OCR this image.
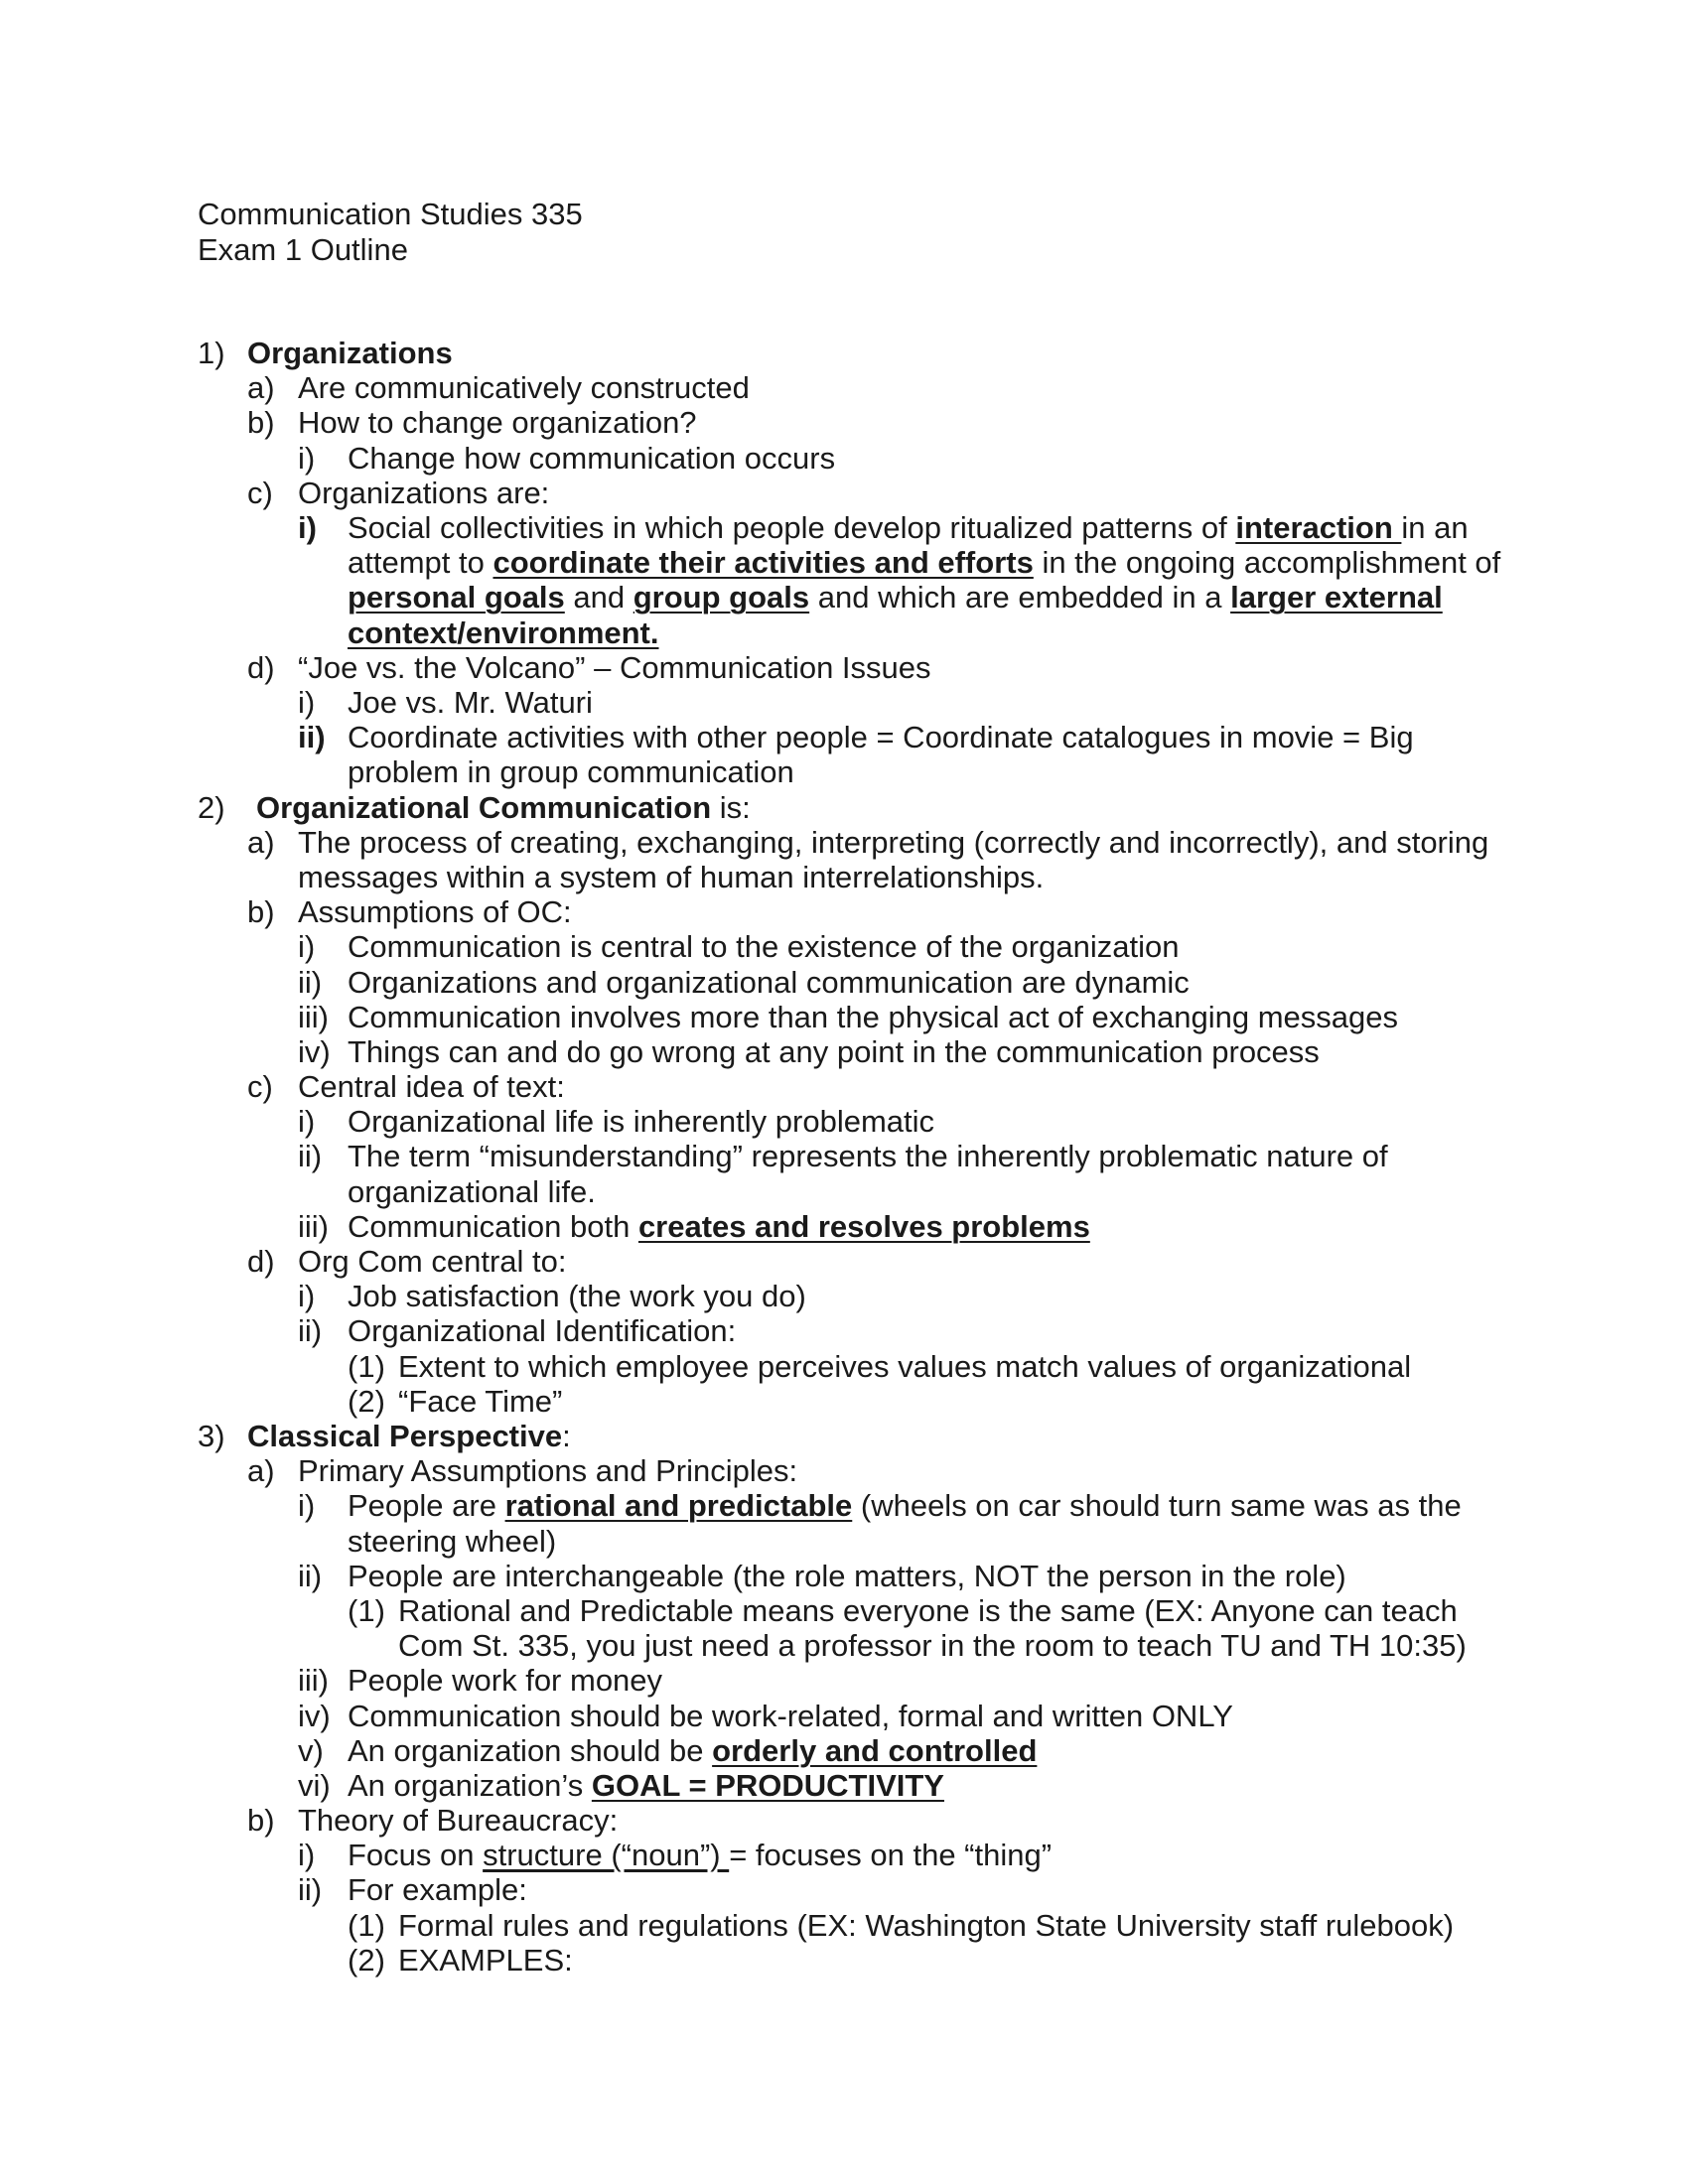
Communication Studies 335
Exam 1 Outline
1) Organizations
a) Are communicatively constructed
b) How to change organization?
i) Change how communication occurs
c) Organizations are:
i) Social collectivities in which people develop ritualized patterns of interaction in an attempt to coordinate their activities and efforts in the ongoing accomplishment of personal goals and group goals and which are embedded in a larger external context/environment.
d) “Joe vs. the Volcano” – Communication Issues
i) Joe vs. Mr. Waturi
ii) Coordinate activities with other people = Coordinate catalogues in movie = Big problem in group communication
2) Organizational Communication is:
a) The process of creating, exchanging, interpreting (correctly and incorrectly), and storing messages within a system of human interrelationships.
b) Assumptions of OC:
i) Communication is central to the existence of the organization
ii) Organizations and organizational communication are dynamic
iii) Communication involves more than the physical act of exchanging messages
iv) Things can and do go wrong at any point in the communication process
c) Central idea of text:
i) Organizational life is inherently problematic
ii) The term “misunderstanding” represents the inherently problematic nature of organizational life.
iii) Communication both creates and resolves problems
d) Org Com central to:
i) Job satisfaction (the work you do)
ii) Organizational Identification:
(1) Extent to which employee perceives values match values of organizational
(2) “Face Time”
3) Classical Perspective:
a) Primary Assumptions and Principles:
i) People are rational and predictable (wheels on car should turn same was as the steering wheel)
ii) People are interchangeable (the role matters, NOT the person in the role)
(1) Rational and Predictable means everyone is the same (EX: Anyone can teach Com St. 335, you just need a professor in the room to teach TU and TH 10:35)
iii) People work for money
iv) Communication should be work-related, formal and written ONLY
v) An organization should be orderly and controlled
vi) An organization’s GOAL = PRODUCTIVITY
b) Theory of Bureaucracy:
i) Focus on structure (“noun”) = focuses on the “thing”
ii) For example:
(1) Formal rules and regulations (EX: Washington State University staff rulebook)
(2) EXAMPLES:
